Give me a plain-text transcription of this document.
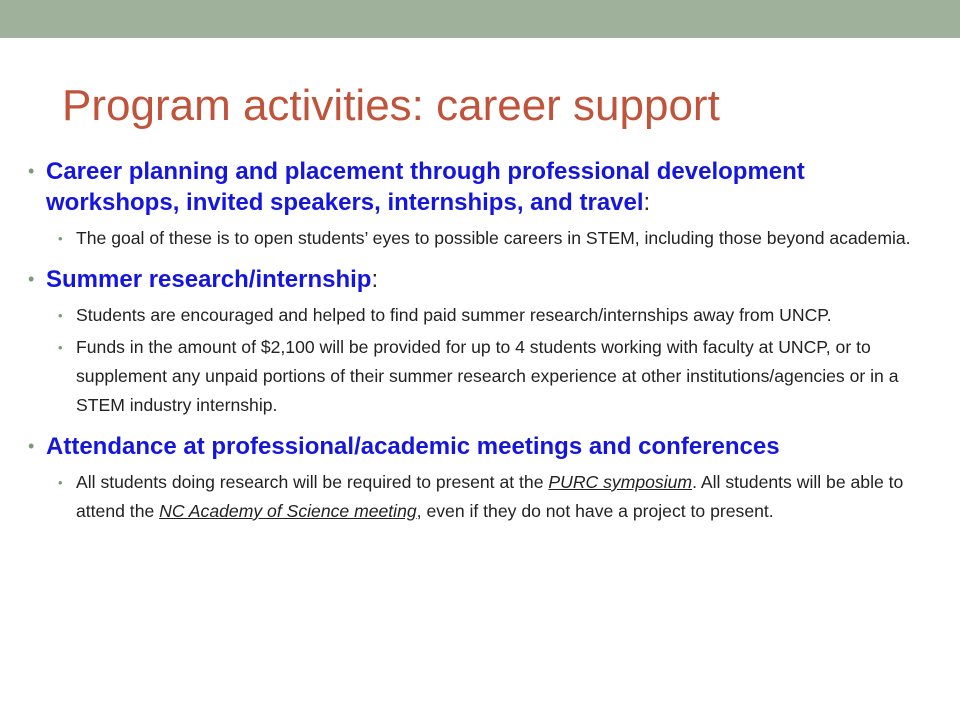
Program activities: career support
• Career planning and placement through professional development workshops, invited speakers, internships, and travel:
• The goal of these is to open students’ eyes to possible careers in STEM, including those beyond academia.
• Summer research/internship:
• Students are encouraged and helped to find paid summer research/internships away from UNCP.
• Funds in the amount of $2,100 will be provided for up to 4 students working with faculty at UNCP, or to supplement any unpaid portions of their summer research experience at other institutions/agencies or in a STEM industry internship.
• Attendance at professional/academic meetings and conferences
• All students doing research will be required to present at the PURC symposium. All students will be able to attend the NC Academy of Science meeting, even if they do not have a project to present.
